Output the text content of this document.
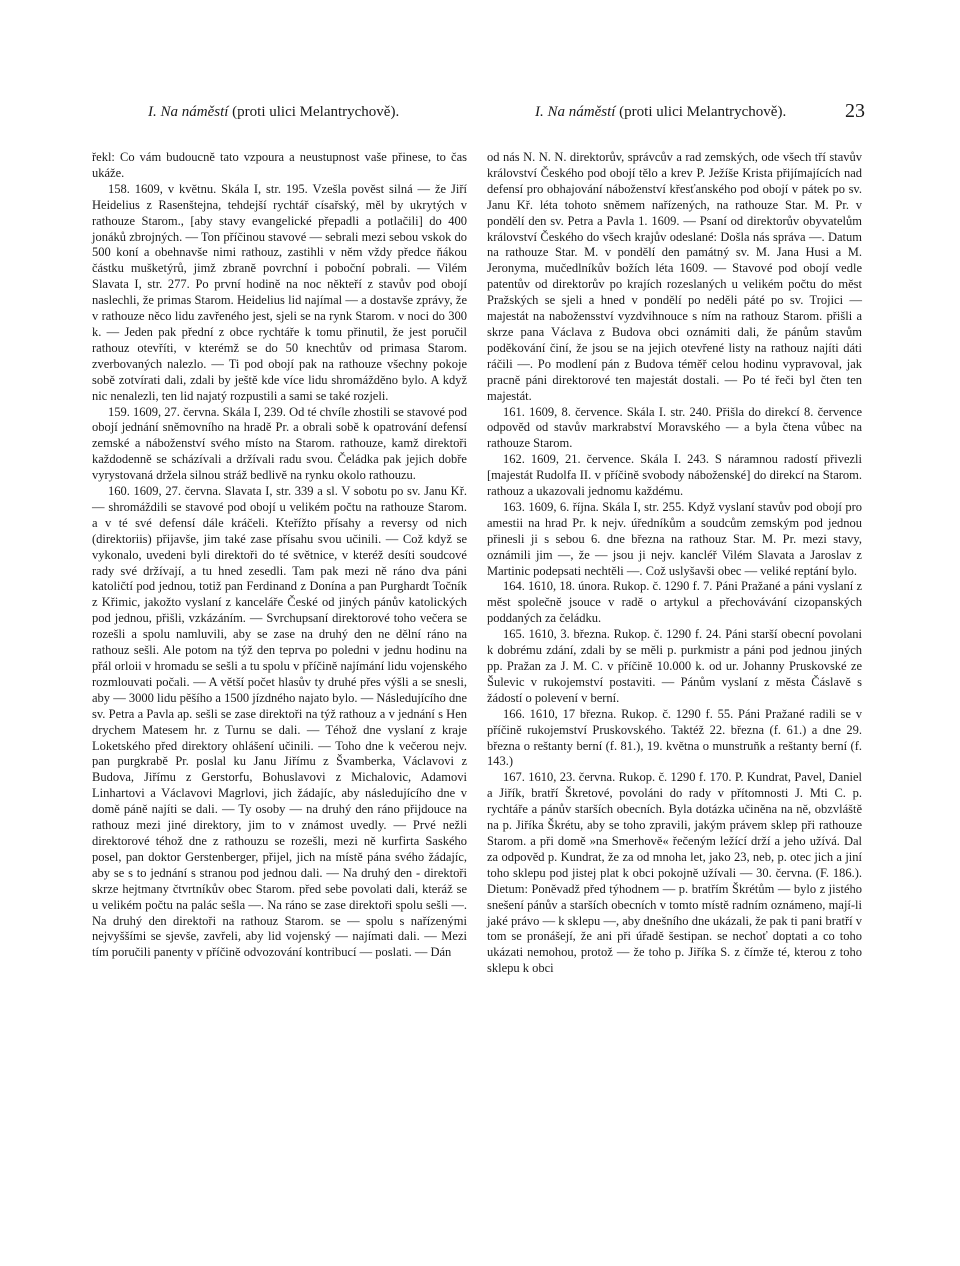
I. Na náměstí (proti ulici Melantrychově).	I. Na náměstí (proti ulici Melantrychově).	23

řekl: Co vám budoucně tato vzpoura a neustupnost vaše přinese, to čas ukáže.

158. 1609, v květnu. Skála I, str. 195. Vzešla pověst silná — že Jiří Heidelius z Rasenštejna, tehdejší rychtář císařský, měl by ukrytých v rathouze Starom., [aby stavy evangelické přepadli a potlačili] do 400 jonáků zbrojných. — Ton příčinou stavové — sebrali mezi sebou vskok do 500 koní a obehnavše nimi rathouz, zastihli v něm vždy předce ňákou částku mušketýrů, jimž zbraně povrchní i poboční pobrali. — Vilém Slavata I, str. 277. Po první hodině na noc někteří z stavův pod obojí naslechli, že primas Starom. Heidelius lid najímal — a dostavše zprávy, že v rathouze něco lidu zavřeného jest, sjeli se na rynk Starom. v noci do 300 k. — Jeden pak přední z obce rychtáře k tomu přinutil, že jest poručil rathouz otevříti, v kterémž se do 50 knechtův od primasa Starom. zverbovaných nalezlo. — Ti pod obojí pak na rathouze všechny pokoje sobě zotvírati dali, zdali by ještě kde více lidu shromážděno bylo. A když nic nenalezli, ten lid najatý rozpustili a sami se také rozjeli.

159. 1609, 27. června. Skála I, 239. Od té chvíle zhostili se stavové pod obojí jednání sněmovního na hradě Pr. a obrali sobě k opatrování defensí zemské a náboženství svého místo na Starom. rathouze, kamž direktoři každodenně se scházívali a držívali radu svou. Čeládka pak jejich dobře vyrystovaná držela silnou stráž bedlivě na rynku okolo rathouzu.

160. 1609, 27. června. Slavata I, str. 339 a sl. V sobotu po sv. Janu Kř. — shromáždili se stavové pod obojí u velikém počtu na rathouze Starom. a v té své defensí dále kráčeli. Kteřížto přísahy a reversy od nich (direktoriis) přijavše, jim také zase přísahu svou učinili. — Což když se vykonalo, uvedeni byli direktoři do té světnice, v kteréž desíti soudcové rady své držívají, a tu hned zesedli. Tam pak mezi ně ráno dva páni katoličtí pod jednou, totiž pan Ferdinand z Donína a pan Purghardt Točník z Křimic, jakožto vyslaní z kanceláře České od jiných pánův katolických pod jednou, přišli, vzkázáním. — Svrchupsaní direktorové toho večera se rozešli a spolu namluvili, aby se zase na druhý den ne dělní ráno na rathouz sešli. Ale potom na týž den teprva po poledni v jednu hodinu na přál orloii v hromadu se sešli a tu spolu v příčině najímání lidu vojenského rozmlouvati počali. — A větší počet hlasův ty druhé přes výšli a se snesli, aby — 3000 lidu pěšího a 1500 jízdného najato bylo. — Následujícího dne sv. Petra a Pavla ap. sešli se zase direktoři na týž rathouz a v jednání s Hen drychem Matesem hr. z Turnu se dali. — Téhož dne vyslaní z kraje Loketského před direktory ohlášení učinili. — Toho dne k večerou nejv. pan purgkrabě Pr. poslal ku Janu Jiřímu z Švamberka, Václavovi z Budova, Jiřímu z Gerstorfu, Bohuslavovi z Michalovic, Adamovi Linhartovi a Václavovi Magrlovi, jich žádajíc, aby následujícího dne v domě páně najíti se dali. — Ty osoby — na druhý den ráno přijdouce na rathouz mezi jiné direktory, jim to v známost uvedly. — Prvé nežli direktorové téhož dne z rathouzu se rozešli, mezi ně kurfirta Saského posel, pan doktor Gerstenberger, přijel, jich na místě pána svého žádajíc, aby se s to jednání s stranou pod jednou dali. — Na druhý den - direktoři skrze hejtmany čtvrtníkův obec Starom. před sebe povolati dali, kteráž se u velikém počtu na palác sešla —. Na ráno se zase direktoři spolu sešli —. Na druhý den direktoři na rathouz Starom. se — spolu s nařízenými nejvyššími se sjevše, zavřeli, aby lid vojenský — najímati dali. — Mezi tím poručili panenty v příčině odvozování kontribucí — poslati. — Dán

od nás N. N. N. direktorův, správcův a rad zemských, ode všech tří stavův království Českého pod obojí tělo a krev P. Ježíše Krista přijímajících nad defensí pro obhajování náboženství křesťanského pod obojí v pátek po sv. Janu Kř. léta tohoto sněmem nařízených, na rathouze Star. M. Pr. v pondělí den sv. Petra a Pavla 1. 1609. — Psaní od direktorův obyvatelům království Českého do všech krajův odeslané: Došla nás správa —. Datum na rathouze Star. M. v pondělí den památný sv. M. Jana Husi a M. Jeronyma, mučedlníkův božích léta 1609. — Stavové pod obojí vedle patentův od direktorův po krajích rozeslaných u velikém počtu do měst Pražských se sjeli a hned v pondělí po neděli páté po sv. Trojici — majestát na nabožensství vyzdvihnouce s ním na rathouz Starom. přišli a skrze pana Václava z Budova obci oznámiti dali, že pánům stavům poděkování činí, že jsou se na jejich otevřené listy na rathouz najíti dáti ráčili —. Po modlení pán z Budova téměř celou hodinu vypravoval, jak pracně páni direktorové ten majestát dostali. — Po té řeči byl čten ten majestát.

161. 1609, 8. července. Skála I. str. 240. Přišla do direkcí 8. července odpověd od stavův markrabství Moravského — a byla čtena vůbec na rathouze Starom.

162. 1609, 21. července. Skála I. 243. S náramnou radostí přivezli [majestát Rudolfa II. v příčině svobody náboženské] do direkcí na Starom. rathouz a ukazovali jednomu každému.

163. 1609, 6. října. Skála I, str. 255. Když vyslaní stavův pod obojí pro amestii na hrad Pr. k nejv. úředníkům a soudcům zemským pod jednou přinesli ji s sebou 6. dne března na rathouz Star. M. Pr. mezi stavy, oznámili jim —, že — jsou ji nejv. kancléř Vilém Slavata a Jaroslav z Martinic podepsati nechtěli —. Což uslyšavši obec — veliké reptání bylo.

164. 1610, 18. února. Rukop. č. 1290 f. 7. Páni Pražané a páni vyslaní z měst společně jsouce v radě o artykul a přechovávání cizopanských poddaných za čeládku.

165. 1610, 3. března. Rukop. č. 1290 f. 24. Páni starší obecní povolani k dobrému zdání, zdali by se měli p. purkmistr a páni pod jednou jiných pp. Pražan za J. M. C. v příčině 10.000 k. od ur. Johanny Pruskovské ze Šulevic v rukojemství postaviti. — Pánům vyslaní z města Čáslavě s žádostí o polevení v berní.

166. 1610, 17 března. Rukop. č. 1290 f. 55. Páni Pražané radili se v příčině rukojemství Pruskovského. Taktéž 22. března (f. 61.) a dne 29. března o reštanty berní (f. 81.), 19. května o munstruňk a reštanty berní (f. 143.)

167. 1610, 23. června. Rukop. č. 1290 f. 170. P. Kundrat, Pavel, Daniel a Jiřík, bratří Škretové, povoláni do rady v přítomnosti J. Mti C. p. rychtáře a pánův starších obecních. Byla dotázka učiněna na ně, obzvláště na p. Jiříka Škrétu, aby se toho zpravili, jakým právem sklep při rathouze Starom. a při domě »na Smerhově« řečeným ležící drží a jeho užívá. Dal za odpověd p. Kundrat, že za od mnoha let, jako 23, neb, p. otec jich a jiní toho sklepu pod jistej plat k obci pokojně užívali — 30. června. (F. 186.). Dietum: Poněvadž před týhodnem — p. bratřím Škrétům — bylo z jistého snešení pánův a starších obecních v tomto místě radním oznámeno, mají-li jaké právo — k sklepu —, aby dnešního dne ukázali, že pak ti pani bratří v tom se pronášejí, že ani při úřadě šestipan. se nechoť doptati a co toho ukázati nemohou, protož — že toho p. Jiříka S. z čímže té, kterou z toho sklepu k obci
